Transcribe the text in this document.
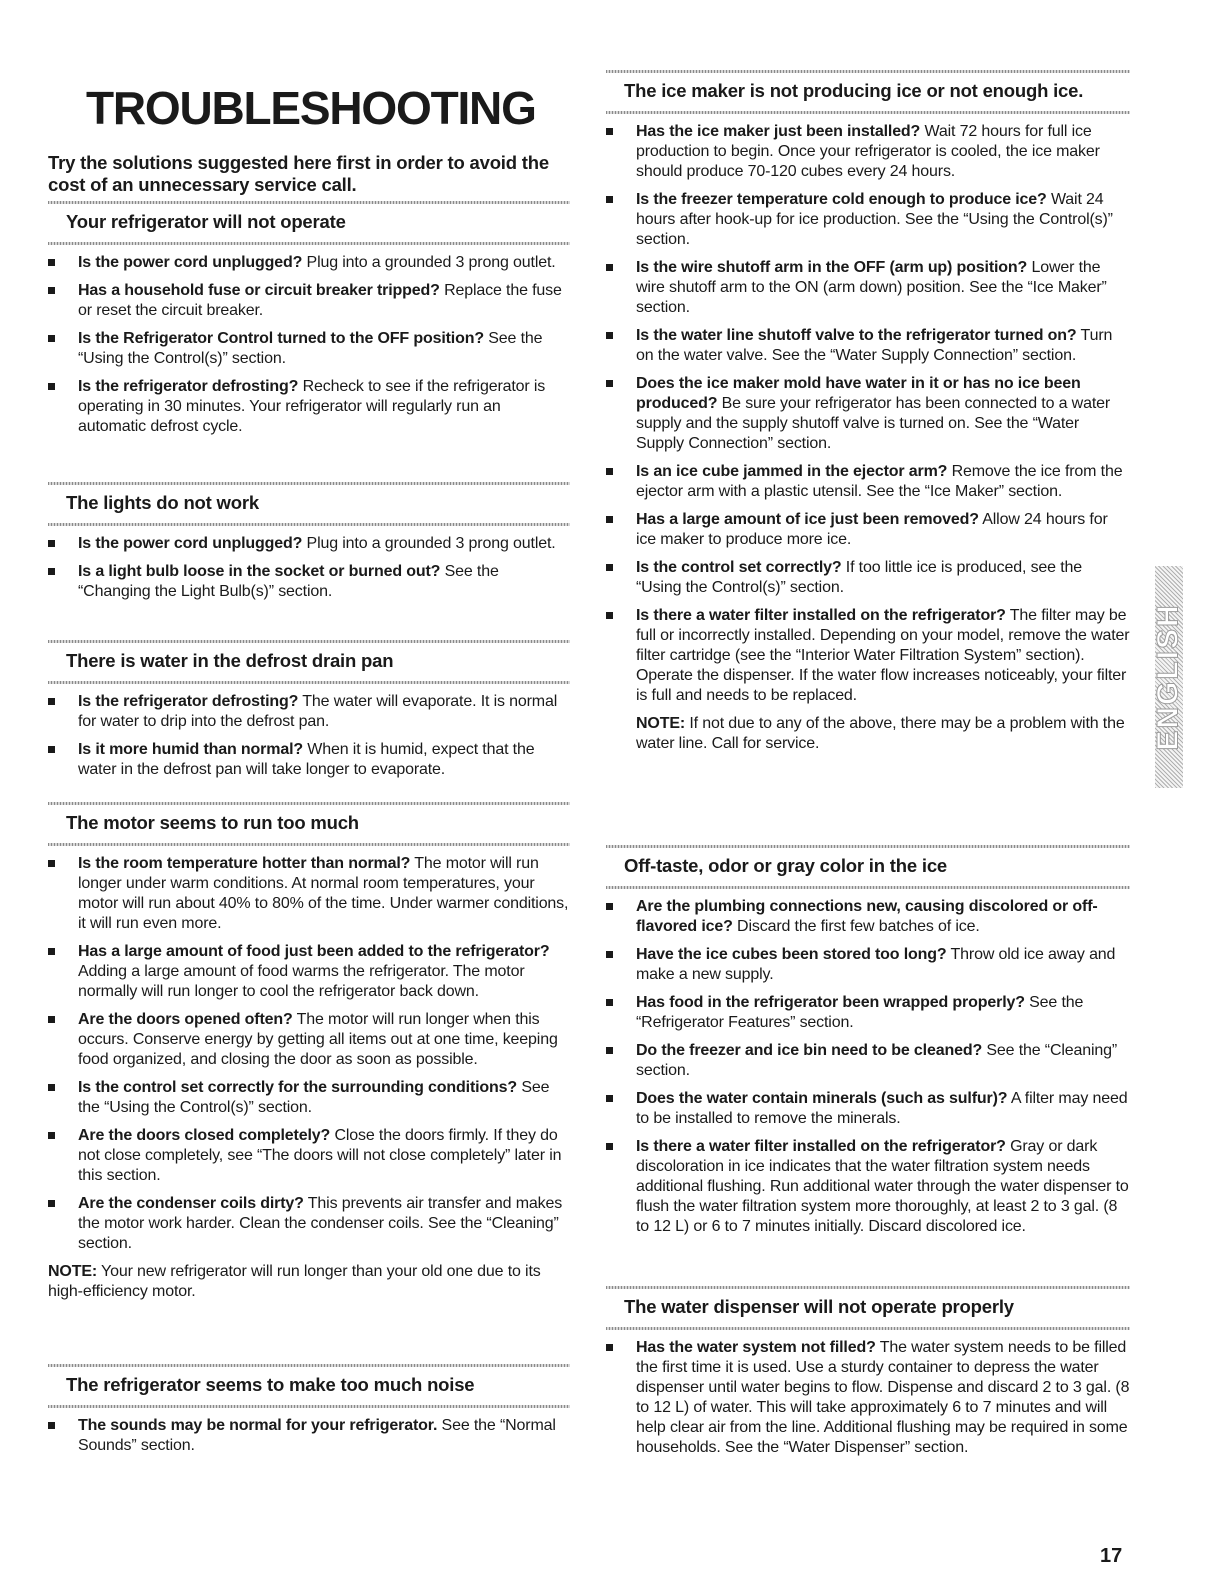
TROUBLESHOOTING
Try the solutions suggested here first in order to avoid the cost of an unnecessary service call.
Your refrigerator will not operate
Is the power cord unplugged? Plug into a grounded 3 prong outlet.
Has a household fuse or circuit breaker tripped? Replace the fuse or reset the circuit breaker.
Is the Refrigerator Control turned to the OFF position? See the “Using the Control(s)” section.
Is the refrigerator defrosting? Recheck to see if the refrigerator is operating in 30 minutes. Your refrigerator will regularly run an automatic defrost cycle.
The lights do not work
Is the power cord unplugged? Plug into a grounded 3 prong outlet.
Is a light bulb loose in the socket or burned out? See the “Changing the Light Bulb(s)” section.
There is water in the defrost drain pan
Is the refrigerator defrosting? The water will evaporate. It is normal for water to drip into the defrost pan.
Is it more humid than normal? When it is humid, expect that the water in the defrost pan will take longer to evaporate.
The motor seems to run too much
Is the room temperature hotter than normal? The motor will run longer under warm conditions. At normal room temperatures, your motor will run about 40% to 80% of the time. Under warmer conditions, it will run even more.
Has a large amount of food just been added to the refrigerator? Adding a large amount of food warms the refrigerator. The motor normally will run longer to cool the refrigerator back down.
Are the doors opened often? The motor will run longer when this occurs. Conserve energy by getting all items out at one time, keeping food organized, and closing the door as soon as possible.
Is the control set correctly for the surrounding conditions? See the “Using the Control(s)” section.
Are the doors closed completely? Close the doors firmly. If they do not close completely, see “The doors will not close completely” later in this section.
Are the condenser coils dirty? This prevents air transfer and makes the motor work harder. Clean the condenser coils. See the “Cleaning” section.
NOTE: Your new refrigerator will run longer than your old one due to its high-efficiency motor.
The refrigerator seems to make too much noise
The sounds may be normal for your refrigerator. See the “Normal Sounds” section.
The ice maker is not producing ice or not enough ice.
Has the ice maker just been installed? Wait 72 hours for full ice production to begin. Once your refrigerator is cooled, the ice maker should produce 70-120 cubes every 24 hours.
Is the freezer temperature cold enough to produce ice? Wait 24 hours after hook-up for ice production. See the “Using the Control(s)” section.
Is the wire shutoff arm in the OFF (arm up) position? Lower the wire shutoff arm to the ON (arm down) position. See the “Ice Maker” section.
Is the water line shutoff valve to the refrigerator turned on? Turn on the water valve. See the “Water Supply Connection” section.
Does the ice maker mold have water in it or has no ice been produced? Be sure your refrigerator has been connected to a water supply and the supply shutoff valve is turned on. See the “Water Supply Connection” section.
Is an ice cube jammed in the ejector arm? Remove the ice from the ejector arm with a plastic utensil. See the “Ice Maker” section.
Has a large amount of ice just been removed? Allow 24 hours for ice maker to produce more ice.
Is the control set correctly? If too little ice is produced, see the “Using the Control(s)” section.
Is there a water filter installed on the refrigerator? The filter may be full or incorrectly installed. Depending on your model, remove the water filter cartridge (see the “Interior Water Filtration System” section). Operate the dispenser. If the water flow increases noticeably, your filter is full and needs to be replaced.
NOTE: If not due to any of the above, there may be a problem with the water line. Call for service.
Off-taste, odor or gray color in the ice
Are the plumbing connections new, causing discolored or off-flavored ice? Discard the first few batches of ice.
Have the ice cubes been stored too long? Throw old ice away and make a new supply.
Has food in the refrigerator been wrapped properly? See the “Refrigerator Features” section.
Do the freezer and ice bin need to be cleaned? See the “Cleaning” section.
Does the water contain minerals (such as sulfur)? A filter may need to be installed to remove the minerals.
Is there a water filter installed on the refrigerator? Gray or dark discoloration in ice indicates that the water filtration system needs additional flushing. Run additional water through the water dispenser to flush the water filtration system more thoroughly, at least 2 to 3 gal. (8 to 12 L) or 6 to 7 minutes initially. Discard discolored ice.
The water dispenser will not operate properly
Has the water system not filled? The water system needs to be filled the first time it is used. Use a sturdy container to depress the water dispenser until water begins to flow. Dispense and discard 2 to 3 gal. (8 to 12 L) of water. This will take approximately 6 to 7 minutes and will help clear air from the line. Additional flushing may be required in some households. See the “Water Dispenser” section.
ENGLISH
17
